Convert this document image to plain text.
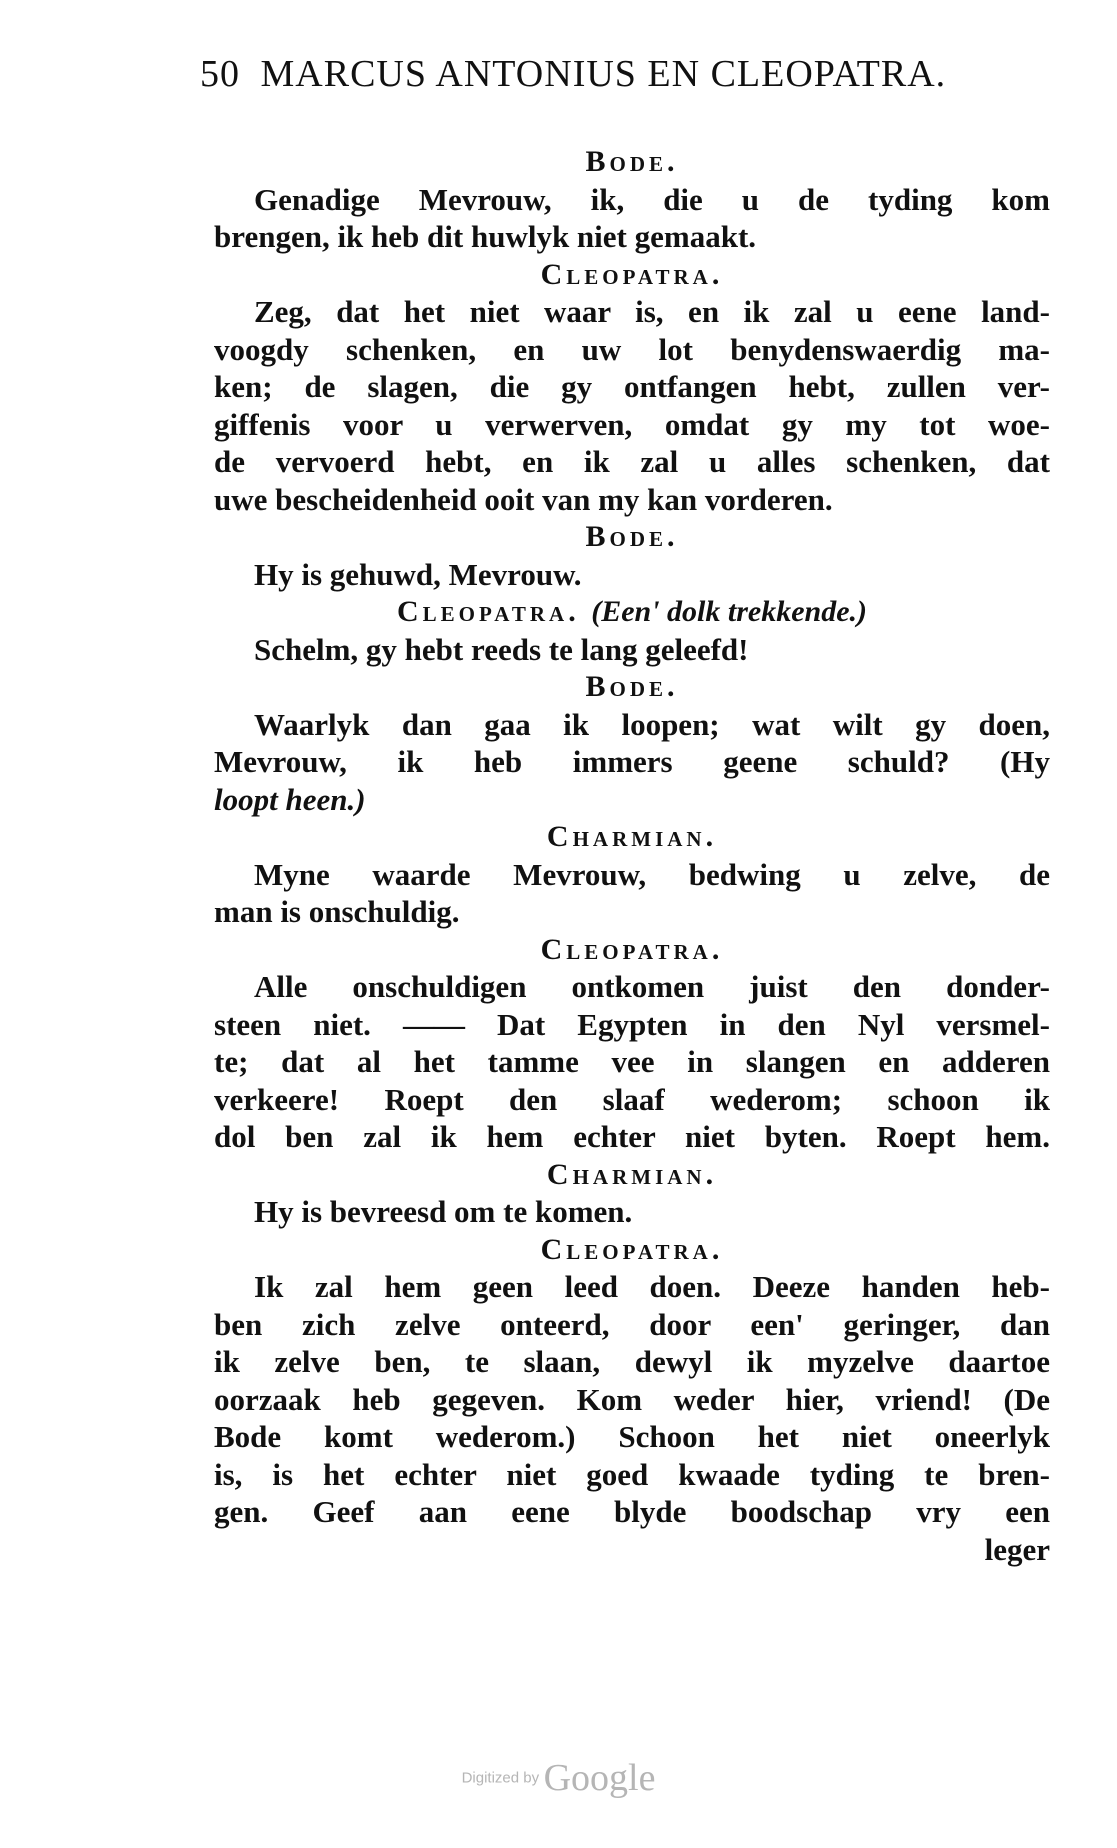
50 MARCUS ANTONIUS EN CLEOPATRA.
Bode.
Genadige Mevrouw, ik, die u de tyding kom
brengen, ik heb dit huwlyk niet gemaakt.
Cleopatra.
Zeg, dat het niet waar is, en ik zal u eene land-
voogdy schenken, en uw lot benydenswaerdig ma-
ken; de slagen, die gy ontfangen hebt, zullen ver-
giffenis voor u verwerven, omdat gy my tot woe-
de vervoerd hebt, en ik zal u alles schenken, dat
uwe bescheidenheid ooit van my kan vorderen.
Bode.
Hy is gehuwd, Mevrouw.
Cleopatra. (Een' dolk trekkende.)
Schelm, gy hebt reeds te lang geleefd!
Bode.
Waarlyk dan gaa ik loopen; wat wilt gy doen,
Mevrouw, ik heb immers geene schuld? (Hy
loopt heen.)
Charmian.
Myne waarde Mevrouw, bedwing u zelve, de
man is onschuldig.
Cleopatra.
Alle onschuldigen ontkomen juist den donder-
steen niet. —— Dat Egypten in den Nyl versmel-
te; dat al het tamme vee in slangen en adderen
verkeere! Roept den slaaf wederom; schoon ik
dol ben zal ik hem echter niet byten. Roept hem.
Charmian.
Hy is bevreesd om te komen.
Cleopatra.
Ik zal hem geen leed doen. Deeze handen heb-
ben zich zelve onteerd, door een' geringer, dan
ik zelve ben, te slaan, dewyl ik myzelve daartoe
oorzaak heb gegeven. Kom weder hier, vriend! (De
Bode komt wederom.) Schoon het niet oneerlyk
is, is het echter niet goed kwaade tyding te bren-
gen. Geef aan eene blyde boodschap vry een
leger
Digitized by Google
